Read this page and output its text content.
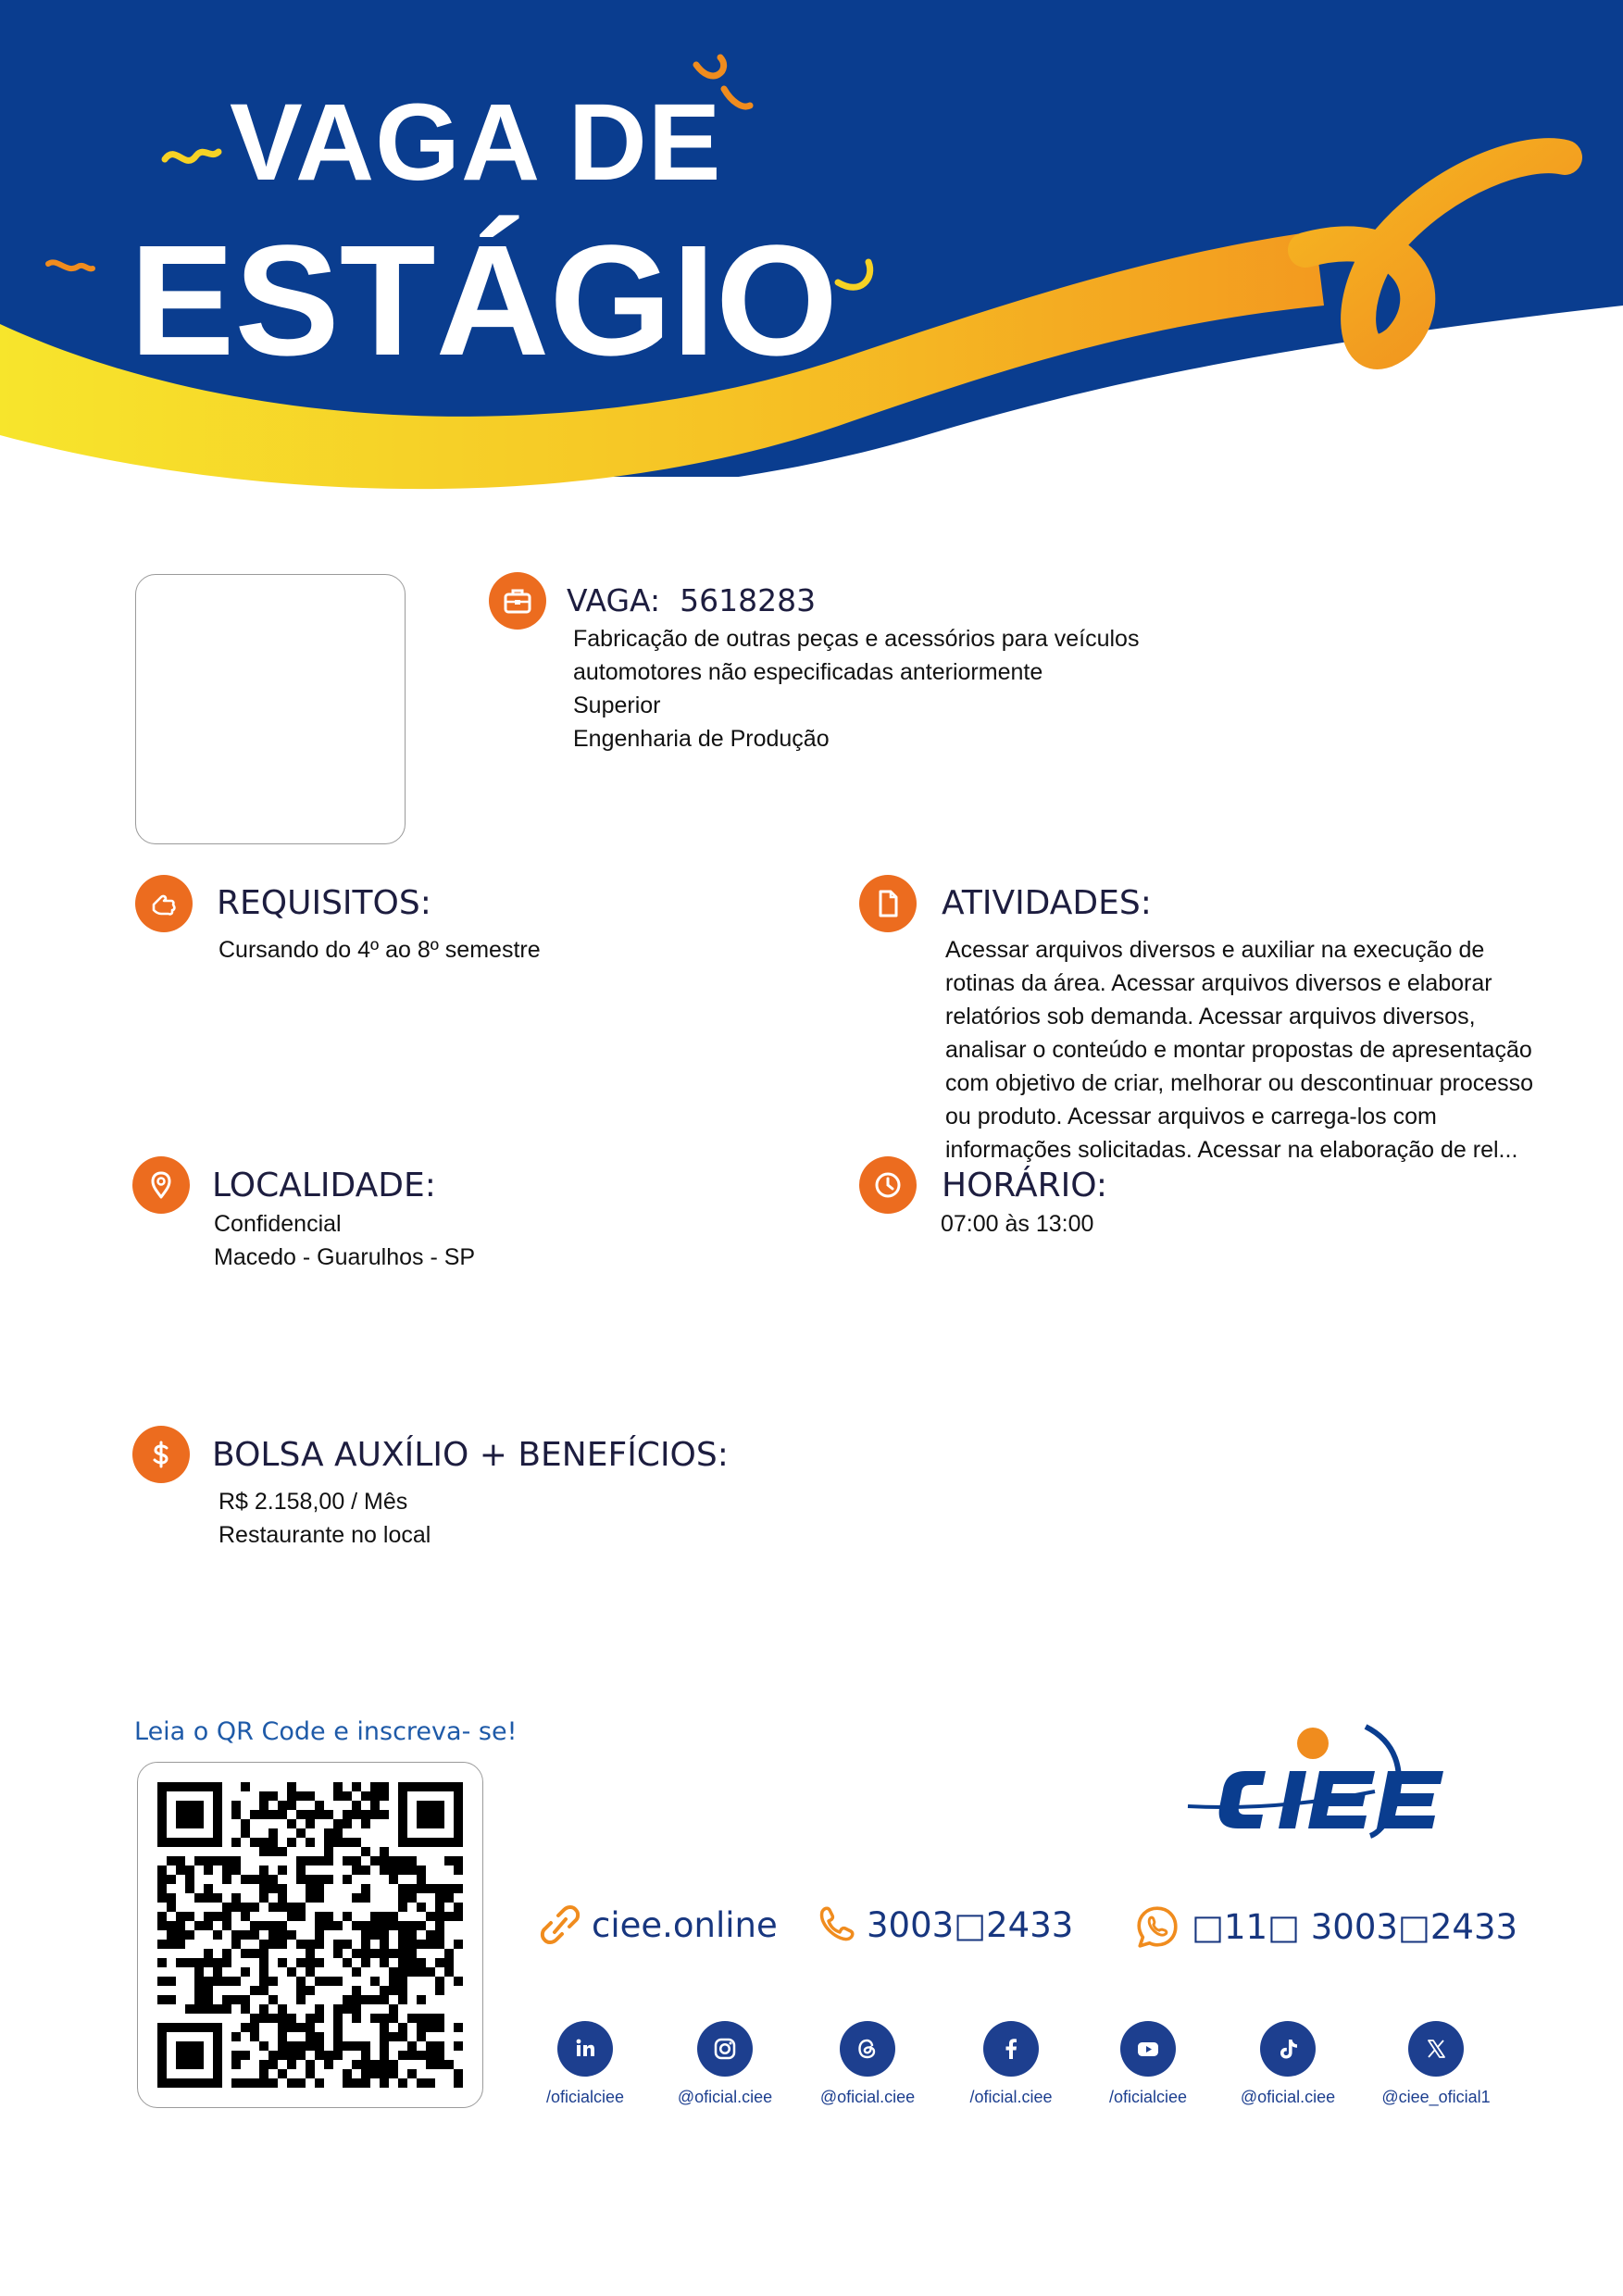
VAGA DE
ESTÁGIO
VAGA: 5618283
Fabricação de outras peças e acessórios para veículos
automotores não especificadas anteriormente
Superior
Engenharia de Produção
REQUISITOS:
Cursando do 4º ao 8º semestre
ATIVIDADES:
Acessar arquivos diversos e auxiliar na execução de
rotinas da área. Acessar arquivos diversos e elaborar
relatórios sob demanda. Acessar arquivos diversos,
analisar o conteúdo e montar propostas de apresentação
com objetivo de criar, melhorar ou descontinuar processo
ou produto. Acessar arquivos e carrega-los com
informações solicitadas. Acessar na elaboração de rel...
LOCALIDADE:
Confidencial
Macedo - Guarulhos - SP
HORÁRIO:
07:00 às 13:00
BOLSA AUXÍLIO + BENEFÍCIOS:
R$ 2.158,00 / Mês
Restaurante no local
Leia o QR Code e inscreva- se!
ciee.online	3003□2433	□11□ 3003□2433
/oficialciee	@oficial.ciee	@oficial.ciee	/oficial.ciee	/oficialciee	@oficial.ciee	@ciee_oficial1
